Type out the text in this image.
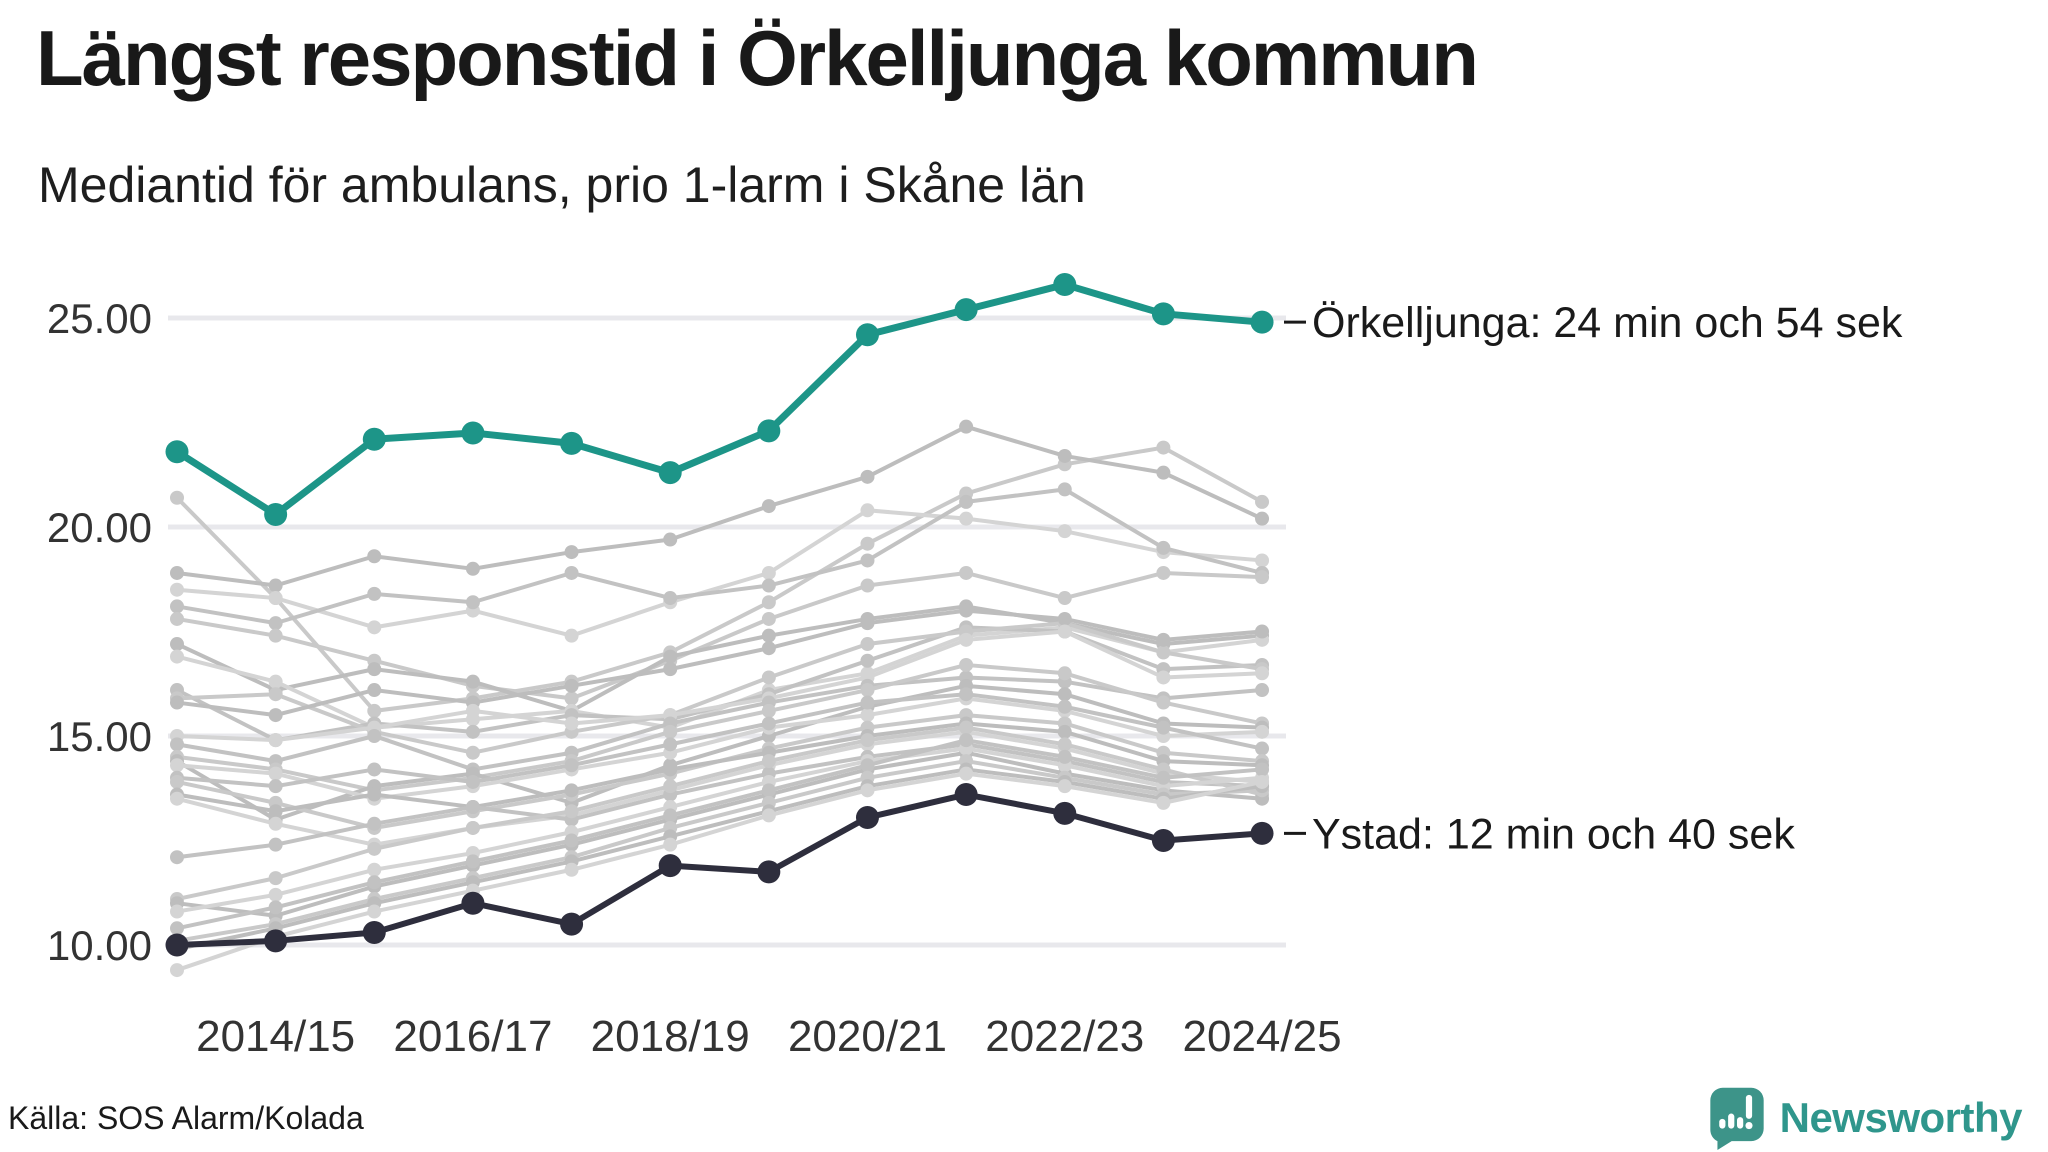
Längst responstid i Örkelljunga kommun
Mediantid för ambulans, prio 1-larm i Skåne län
25.00
20.00
15.00
10.00
2014/15 2016/17 2018/19 2020/21 2022/23 2024/25
Örkelljunga: 24 min och 54 sek
Ystad: 12 min och 40 sek
Källa: SOS Alarm/Kolada	Newsworthy
